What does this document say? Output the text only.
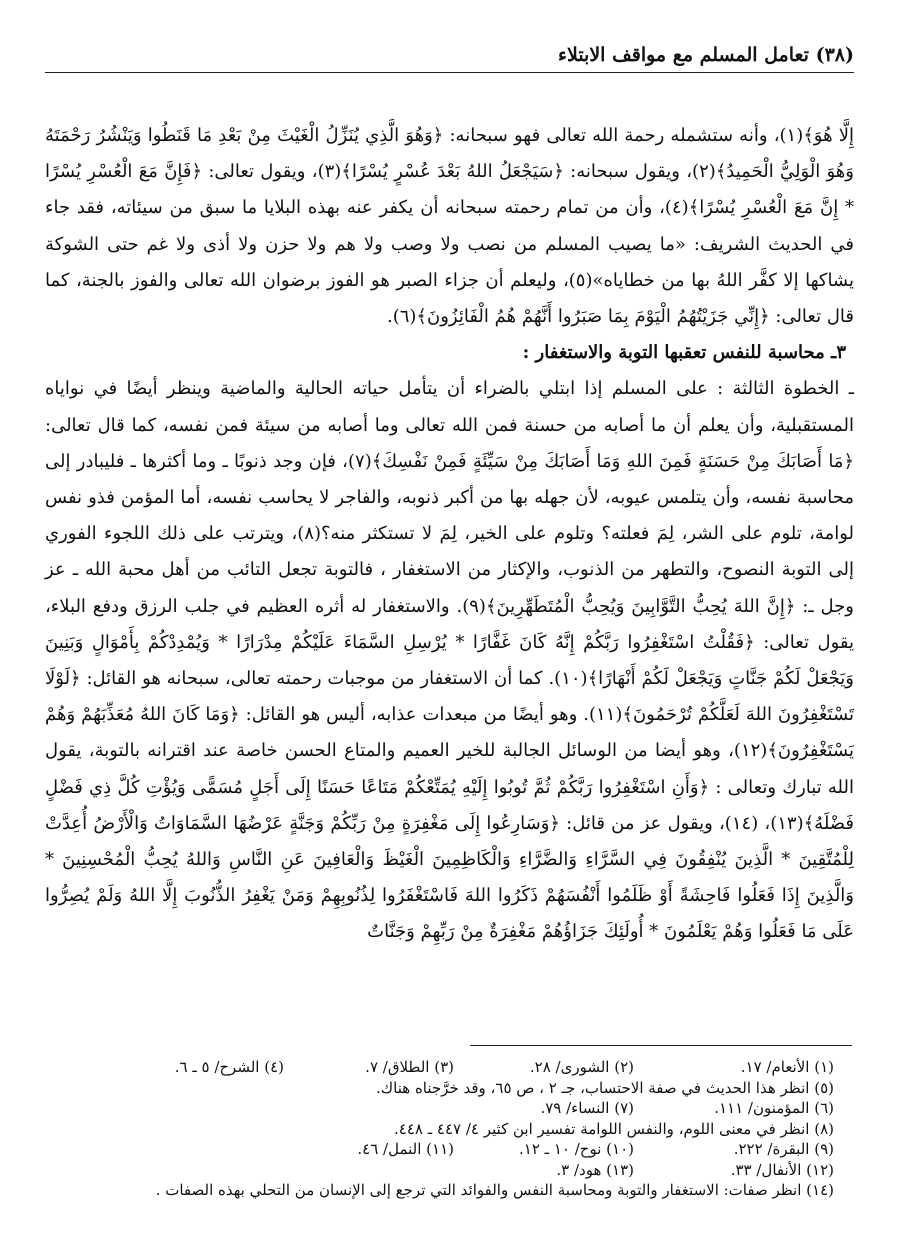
(٣٨) تعامل المسلم مع مواقف الابتلاء

إِلَّا هُوَ﴾(١)، وأنه ستشمله رحمة الله تعالى فهو سبحانه: ﴿وَهُوَ الَّذِي يُنَزِّلُ الْغَيْثَ مِنْ بَعْدِ مَا قَنَطُوا وَيَنْشُرُ رَحْمَتَهُ وَهُوَ الْوَلِيُّ الْحَمِيدُ﴾(٢)، ويقول سبحانه: ﴿سَيَجْعَلُ اللهُ بَعْدَ عُسْرٍ يُسْرًا﴾(٣)، ويقول تعالى: ﴿فَإِنَّ مَعَ الْعُسْرِ يُسْرًا * إِنَّ مَعَ الْعُسْرِ يُسْرًا﴾(٤)، وأن من تمام رحمته سبحانه أن يكفر عنه بهذه البلايا ما سبق من سيئاته، فقد جاء في الحديث الشريف: «ما يصيب المسلم من نصب ولا وصب ولا هم ولا حزن ولا أذى ولا غم حتى الشوكة يشاكها إلا كفَّر اللهُ بها من خطاياه»(٥)، وليعلم أن جزاء الصبر هو الفوز برضوان الله تعالى والفوز بالجنة، كما قال تعالى: ﴿إِنِّي جَزَيْتُهُمُ الْيَوْمَ بِمَا صَبَرُوا أَنَّهُمْ هُمُ الْفَائِزُونَ﴾(٦).

٣ـ محاسبة للنفس تعقبها التوبة والاستغفار :

ـ الخطوة الثالثة : على المسلم إذا ابتلي بالضراء أن يتأمل حياته الحالية والماضية وينظر أيضًا في نواياه المستقبلية، وأن يعلم أن ما أصابه من حسنة فمن الله تعالى وما أصابه من سيئة فمن نفسه، كما قال تعالى: ﴿مَا أَصَابَكَ مِنْ حَسَنَةٍ فَمِنَ اللهِ وَمَا أَصَابَكَ مِنْ سَيِّئَةٍ فَمِنْ نَفْسِكَ﴾(٧)، فإن وجد ذنوبًا ـ وما أكثرها ـ فليبادر إلى محاسبة نفسه، وأن يتلمس عيوبه، لأن جهله بها من أكبر ذنوبه، والفاجر لا يحاسب نفسه، أما المؤمن فذو نفس لوامة، تلوم على الشر، لِمَ فعلته؟ وتلوم على الخير، لِمَ لا تستكثر منه؟(٨)، ويترتب على ذلك اللجوء الفوري إلى التوبة النصوح، والتطهر من الذنوب، والإكثار من الاستغفار ، فالتوبة تجعل التائب من أهل محبة الله ـ عز وجل ـ: ﴿إِنَّ اللهَ يُحِبُّ التَّوَّابِينَ وَيُحِبُّ الْمُتَطَهِّرِينَ﴾(٩). والاستغفار له أثره العظيم في جلب الرزق ودفع البلاء، يقول تعالى: ﴿فَقُلْتُ اسْتَغْفِرُوا رَبَّكُمْ إِنَّهُ كَانَ غَفَّارًا * يُرْسِلِ السَّمَاءَ عَلَيْكُمْ مِدْرَارًا * وَيُمْدِدْكُمْ بِأَمْوَالٍ وَبَنِينَ وَيَجْعَلْ لَكُمْ جَنَّاتٍ وَيَجْعَلْ لَكُمْ أَنْهَارًا﴾(١٠). كما أن الاستغفار من موجبات رحمته تعالى، سبحانه هو القائل: ﴿لَوْلَا تَسْتَغْفِرُونَ اللهَ لَعَلَّكُمْ تُرْحَمُونَ﴾(١١). وهو أيضًا من مبعدات عذابه، أليس هو القائل: ﴿وَمَا كَانَ اللهُ مُعَذِّبَهُمْ وَهُمْ يَسْتَغْفِرُونَ﴾(١٢)، وهو أيضا من الوسائل الجالبة للخير العميم والمتاع الحسن خاصة عند اقترانه بالتوبة، يقول الله تبارك وتعالى : ﴿وَأَنِ اسْتَغْفِرُوا رَبَّكُمْ ثُمَّ تُوبُوا إِلَيْهِ يُمَتِّعْكُمْ مَتَاعًا حَسَنًا إِلَى أَجَلٍ مُسَمًّى وَيُؤْتِ كُلَّ ذِي فَضْلٍ فَضْلَهُ﴾(١٣)، (١٤)، ويقول عز من قائل: ﴿وَسَارِعُوا إِلَى مَغْفِرَةٍ مِنْ رَبِّكُمْ وَجَنَّةٍ عَرْضُهَا السَّمَاوَاتُ وَالْأَرْضُ أُعِدَّتْ لِلْمُتَّقِينَ * الَّذِينَ يُنْفِقُونَ فِي السَّرَّاءِ وَالضَّرَّاءِ وَالْكَاظِمِينَ الْغَيْظَ وَالْعَافِينَ عَنِ النَّاسِ وَاللهُ يُحِبُّ الْمُحْسِنِينَ * وَالَّذِينَ إِذَا فَعَلُوا فَاحِشَةً أَوْ ظَلَمُوا أَنْفُسَهُمْ ذَكَرُوا اللهَ فَاسْتَغْفَرُوا لِذُنُوبِهِمْ وَمَنْ يَغْفِرُ الذُّنُوبَ إِلَّا اللهُ وَلَمْ يُصِرُّوا عَلَى مَا فَعَلُوا وَهُمْ يَعْلَمُونَ * أُولَئِكَ جَزَاؤُهُمْ مَغْفِرَةٌ مِنْ رَبِّهِمْ وَجَنَّاتٌ

(١) الأنعام/ ١٧.
(٢) الشورى/ ٢٨.
(٣) الطلاق/ ٧.
(٤) الشرح/ ٥ ـ ٦.
(٥) انظر هذا الحديث في صفة الاحتساب، جـ ٢ ، ص ٦٥، وقد خرَّجناه هناك.
(٦) المؤمنون/ ١١١.
(٧) النساء/ ٧٩.
(٨) انظر في معنى اللوم، والنفس اللوامة تفسير ابن كثير ٤/ ٤٤٧ ـ ٤٤٨.
(٩) البقرة/ ٢٢٢.
(١٠) نوح/ ١٠ ـ ١٢.
(١١) النمل/ ٤٦.
(١٢) الأنفال/ ٣٣.
(١٣) هود/ ٣.
(١٤) انظر صفات: الاستغفار والتوبة ومحاسبة النفس والفوائد التي ترجع إلى الإنسان من التحلي بهذه الصفات .
